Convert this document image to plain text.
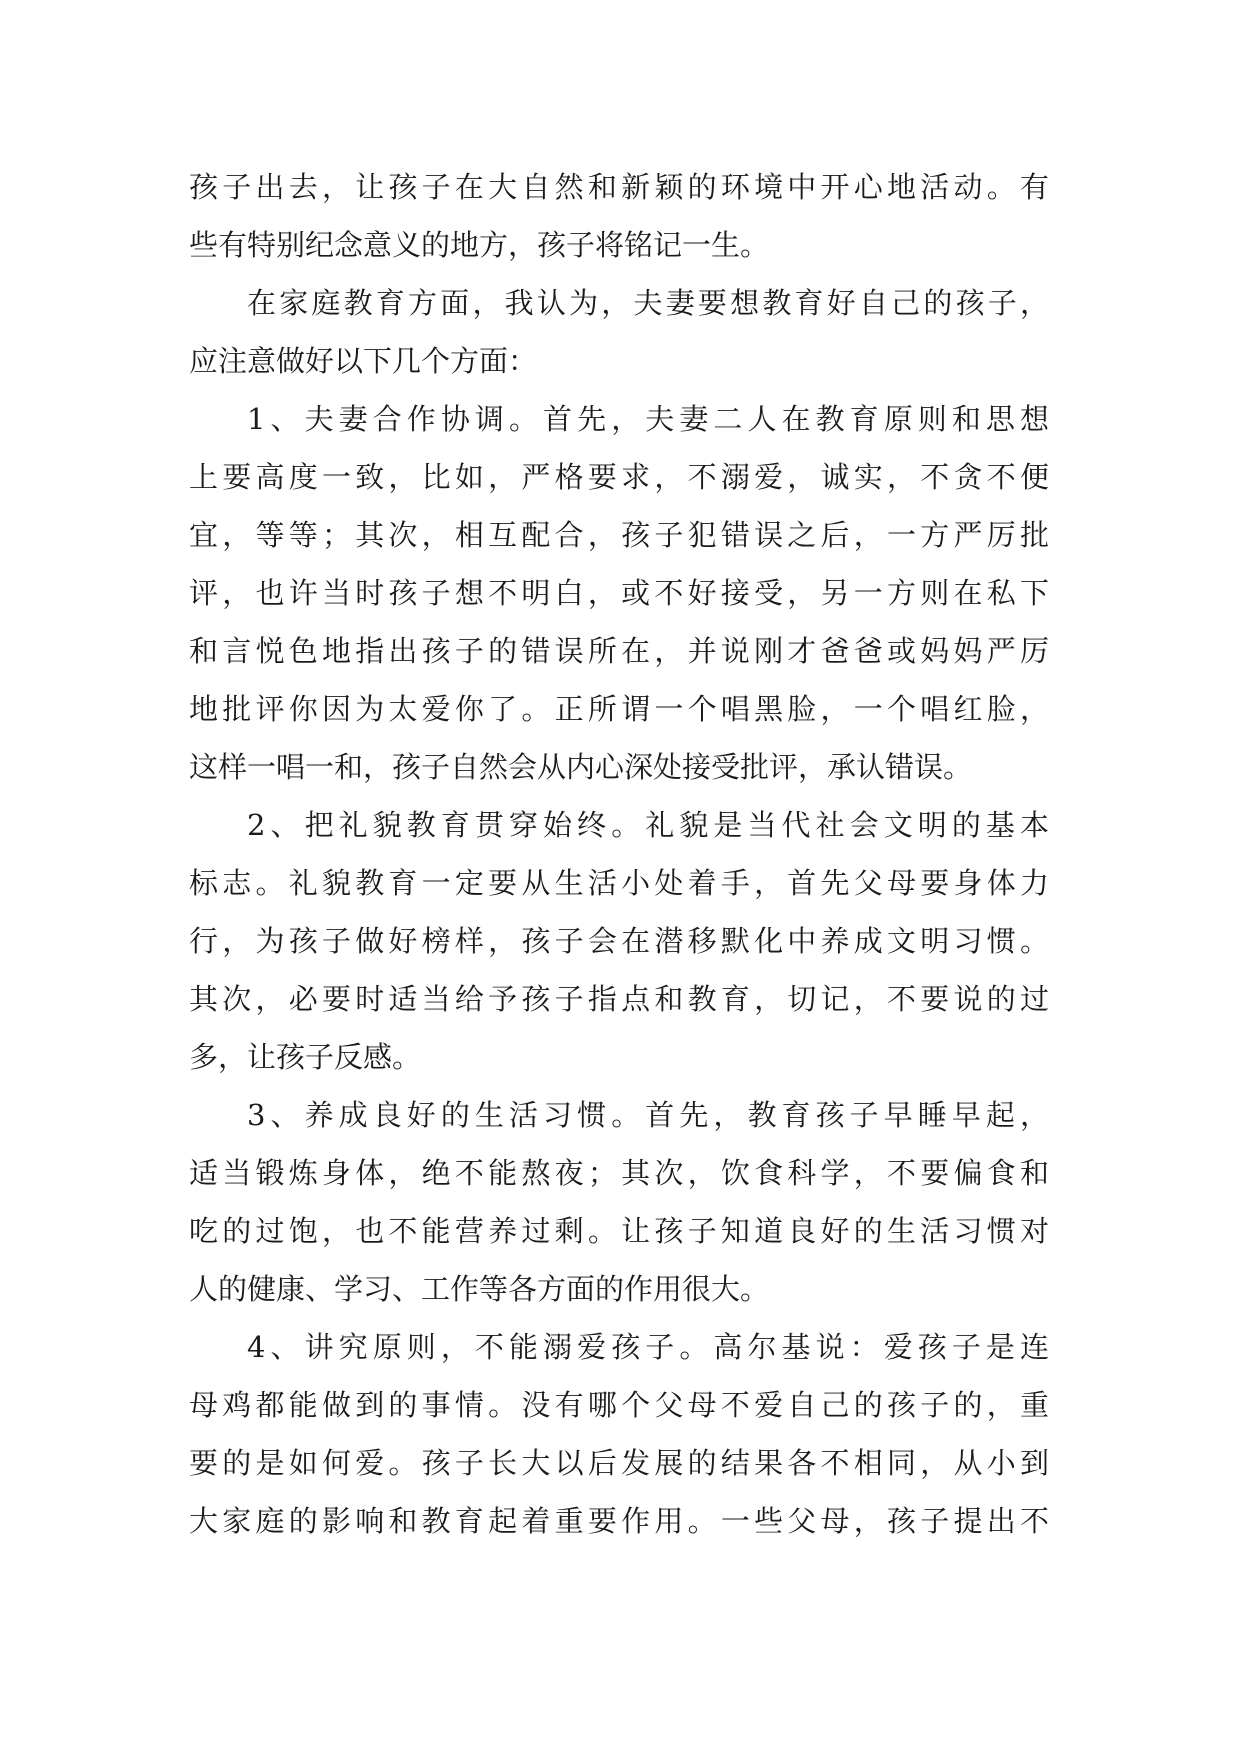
孩子出去，让孩子在大自然和新颖的环境中开心地活动。有
些有特别纪念意义的地方，孩子将铭记一生。
在家庭教育方面，我认为，夫妻要想教育好自己的孩子，
应注意做好以下几个方面：
1、夫妻合作协调。首先，夫妻二人在教育原则和思想
上要高度一致，比如，严格要求，不溺爱，诚实，不贪不便
宜，等等；其次，相互配合，孩子犯错误之后，一方严厉批
评，也许当时孩子想不明白，或不好接受，另一方则在私下
和言悦色地指出孩子的错误所在，并说刚才爸爸或妈妈严厉
地批评你因为太爱你了。正所谓一个唱黑脸，一个唱红脸，
这样一唱一和，孩子自然会从内心深处接受批评，承认错误。
2、把礼貌教育贯穿始终。礼貌是当代社会文明的基本
标志。礼貌教育一定要从生活小处着手，首先父母要身体力
行，为孩子做好榜样，孩子会在潜移默化中养成文明习惯。
其次，必要时适当给予孩子指点和教育，切记，不要说的过
多，让孩子反感。
3、养成良好的生活习惯。首先，教育孩子早睡早起，
适当锻炼身体，绝不能熬夜；其次，饮食科学，不要偏食和
吃的过饱，也不能营养过剩。让孩子知道良好的生活习惯对
人的健康、学习、工作等各方面的作用很大。
4、讲究原则，不能溺爱孩子。高尔基说：爱孩子是连
母鸡都能做到的事情。没有哪个父母不爱自己的孩子的，重
要的是如何爱。孩子长大以后发展的结果各不相同，从小到
大家庭的影响和教育起着重要作用。一些父母，孩子提出不
